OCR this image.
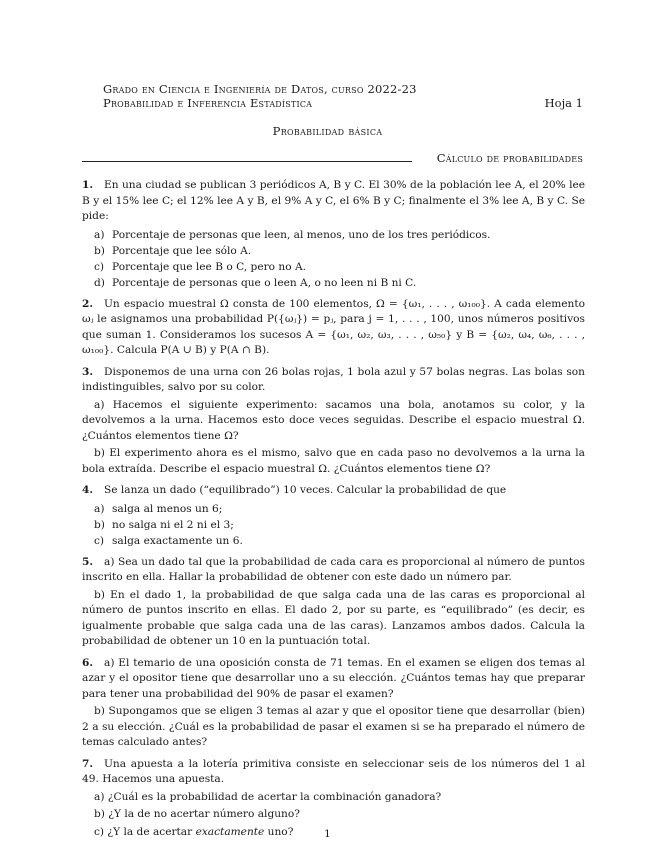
Grado en Ciencia e Ingeniería de Datos, curso 2022-23
Probabilidad e Inferencia Estadística	Hoja 1
Probabilidad básica
Cálculo de probabilidades
1. En una ciudad se publican 3 periódicos A, B y C. El 30% de la población lee A, el 20% lee B y el 15% lee C; el 12% lee A y B, el 9% A y C, el 6% B y C; finalmente el 3% lee A, B y C. Se pide:
a) Porcentaje de personas que leen, al menos, uno de los tres periódicos.
b) Porcentaje que lee sólo A.
c) Porcentaje que lee B o C, pero no A.
d) Porcentaje de personas que o leen A, o no leen ni B ni C.
2. Un espacio muestral Ω consta de 100 elementos, Ω = {ω₁, . . . , ω₁₀₀}. A cada elemento ωⱼ le asignamos una probabilidad P({ωⱼ}) = pⱼ, para j = 1, . . . , 100, unos números positivos que suman 1. Consideramos los sucesos A = {ω₁, ω₂, ω₃, . . . , ω₅₀} y B = {ω₂, ω₄, ω₆, . . . , ω₁₀₀}. Calcula P(A ∪ B) y P(A ∩ B).
3. Disponemos de una urna con 26 bolas rojas, 1 bola azul y 57 bolas negras. Las bolas son indistinguibles, salvo por su color.
a) Hacemos el siguiente experimento: sacamos una bola, anotamos su color, y la devolvemos a la urna. Hacemos esto doce veces seguidas. Describe el espacio muestral Ω. ¿Cuántos elementos tiene Ω?
b) El experimento ahora es el mismo, salvo que en cada paso no devolvemos a la urna la bola extraída. Describe el espacio muestral Ω. ¿Cuántos elementos tiene Ω?
4. Se lanza un dado (“equilibrado”) 10 veces. Calcular la probabilidad de que
a) salga al menos un 6;
b) no salga ni el 2 ni el 3;
c) salga exactamente un 6.
5. a) Sea un dado tal que la probabilidad de cada cara es proporcional al número de puntos inscrito en ella. Hallar la probabilidad de obtener con este dado un número par.
b) En el dado 1, la probabilidad de que salga cada una de las caras es proporcional al número de puntos inscrito en ellas. El dado 2, por su parte, es “equilibrado” (es decir, es igualmente probable que salga cada una de las caras). Lanzamos ambos dados. Calcula la probabilidad de obtener un 10 en la puntuación total.
6. a) El temario de una oposición consta de 71 temas. En el examen se eligen dos temas al azar y el opositor tiene que desarrollar uno a su elección. ¿Cuántos temas hay que preparar para tener una probabilidad del 90% de pasar el examen?
b) Supongamos que se eligen 3 temas al azar y que el opositor tiene que desarrollar (bien) 2 a su elección. ¿Cuál es la probabilidad de pasar el examen si se ha preparado el número de temas calculado antes?
7. Una apuesta a la lotería primitiva consiste en seleccionar seis de los números del 1 al 49. Hacemos una apuesta.
a) ¿Cuál es la probabilidad de acertar la combinación ganadora?
b) ¿Y la de no acertar número alguno?
c) ¿Y la de acertar exactamente uno?	1
